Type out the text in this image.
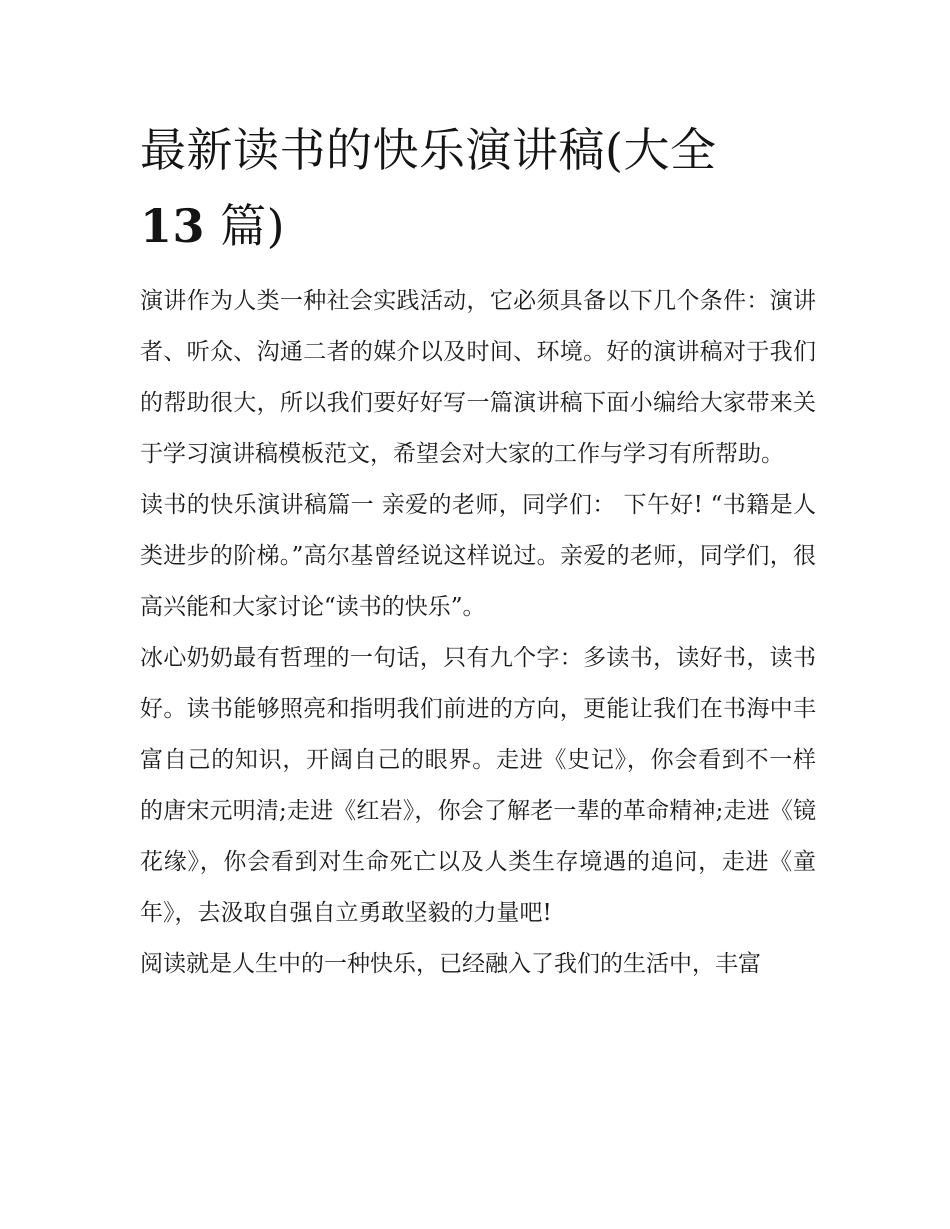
最新读书的快乐演讲稿(大全
13 篇)

演讲作为人类一种社会实践活动，它必须具备以下几个条件：演讲者、听众、沟通二者的媒介以及时间、环境。好的演讲稿对于我们的帮助很大，所以我们要好好写一篇演讲稿下面小编给大家带来关于学习演讲稿模板范文，希望会对大家的工作与学习有所帮助。

读书的快乐演讲稿篇一 亲爱的老师，同学们： 下午好! “书籍是人类进步的阶梯。”高尔基曾经说这样说过。亲爱的老师，同学们，很高兴能和大家讨论“读书的快乐”。

冰心奶奶最有哲理的一句话，只有九个字：多读书，读好书，读书好。读书能够照亮和指明我们前进的方向，更能让我们在书海中丰富自己的知识，开阔自己的眼界。走进《史记》，你会看到不一样的唐宋元明清;走进《红岩》，你会了解老一辈的革命精神;走进《镜花缘》，你会看到对生命死亡以及人类生存境遇的追问，走进《童年》，去汲取自强自立勇敢坚毅的力量吧!

阅读就是人生中的一种快乐，已经融入了我们的生活中，丰富
